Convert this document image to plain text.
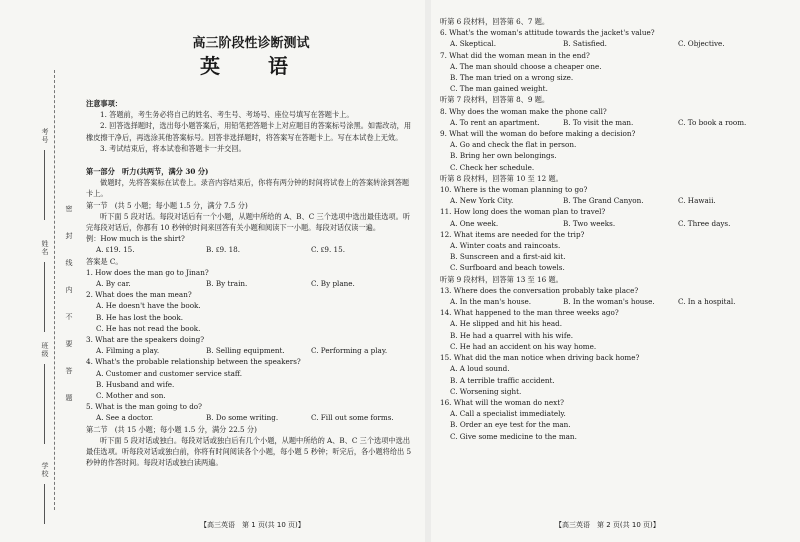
考号
姓名
班级
学校
密
封
线
内
不
要
答
题
高三阶段性诊断测试
英　语
注意事项：
1. 答题前，考生务必将自己的姓名、考生号、考场号、座位号填写在答题卡上。
2. 回答选择题时，选出每小题答案后，用铅笔把答题卡上对应题目的答案标号涂黑。如需改动，用橡皮擦干净后，再选涂其他答案标号。回答非选择题时，将答案写在答题卡上。写在本试卷上无效。
3. 考试结束后，将本试卷和答题卡一并交回。
第一部分　听力(共两节，满分 30 分)
做题时，先将答案标在试卷上。录音内容结束后，你将有两分钟的时间将试卷上的答案转涂到答题卡上。
第一节　(共 5 小题；每小题 1.5 分，满分 7.5 分)
听下面 5 段对话。每段对话后有一个小题，从题中所给的 A、B、C 三个选项中选出最佳选项。听完每段对话后，你都有 10 秒钟的时间来回答有关小题和阅读下一小题。每段对话仅读一遍。
例：How much is the shirt?
A. ₤19. 15.	B. ₤9. 18.	C. ₤9. 15.
答案是 C。
1. How does the man go to Jinan?
A. By car.	B. By train.	C. By plane.
2. What does the man mean?
A. He doesn't have the book.
B. He has lost the book.
C. He has not read the book.
3. What are the speakers doing?
A. Filming a play.	B. Selling equipment.	C. Performing a play.
4. What's the probable relationship between the speakers?
A. Customer and customer service staff.
B. Husband and wife.
C. Mother and son.
5. What is the man going to do?
A. See a doctor.	B. Do some writing.	C. Fill out some forms.
第二节　(共 15 小题；每小题 1.5 分，满分 22.5 分)
听下面 5 段对话或独白。每段对话或独白后有几个小题，从题中所给的 A、B、C 三个选项中选出最佳选项。听每段对话或独白前，你将有时间阅读各个小题，每小题 5 秒钟；听完后，各小题将给出 5 秒钟的作答时间。每段对话或独白读两遍。
【高三英语　第 1 页(共 10 页)】
听第 6 段材料，回答第 6、7 题。
6. What's the woman's attitude towards the jacket's value?
A. Skeptical.	B. Satisfied.	C. Objective.
7. What did the woman mean in the end?
A. The man should choose a cheaper one.
B. The man tried on a wrong size.
C. The man gained weight.
听第 7 段材料，回答第 8、9 题。
8. Why does the woman make the phone call?
A. To rent an apartment.	B. To visit the man.	C. To book a room.
9. What will the woman do before making a decision?
A. Go and check the flat in person.
B. Bring her own belongings.
C. Check her schedule.
听第 8 段材料，回答第 10 至 12 题。
10. Where is the woman planning to go?
A. New York City.	B. The Grand Canyon.	C. Hawaii.
11. How long does the woman plan to travel?
A. One week.	B. Two weeks.	C. Three days.
12. What items are needed for the trip?
A. Winter coats and raincoats.
B. Sunscreen and a first-aid kit.
C. Surfboard and beach towels.
听第 9 段材料，回答第 13 至 16 题。
13. Where does the conversation probably take place?
A. In the man's house.	B. In the woman's house.	C. In a hospital.
14. What happened to the man three weeks ago?
A. He slipped and hit his head.
B. He had a quarrel with his wife.
C. He had an accident on his way home.
15. What did the man notice when driving back home?
A. A loud sound.
B. A terrible traffic accident.
C. Worsening sight.
16. What will the woman do next?
A. Call a specialist immediately.
B. Order an eye test for the man.
C. Give some medicine to the man.
【高三英语　第 2 页(共 10 页)】
